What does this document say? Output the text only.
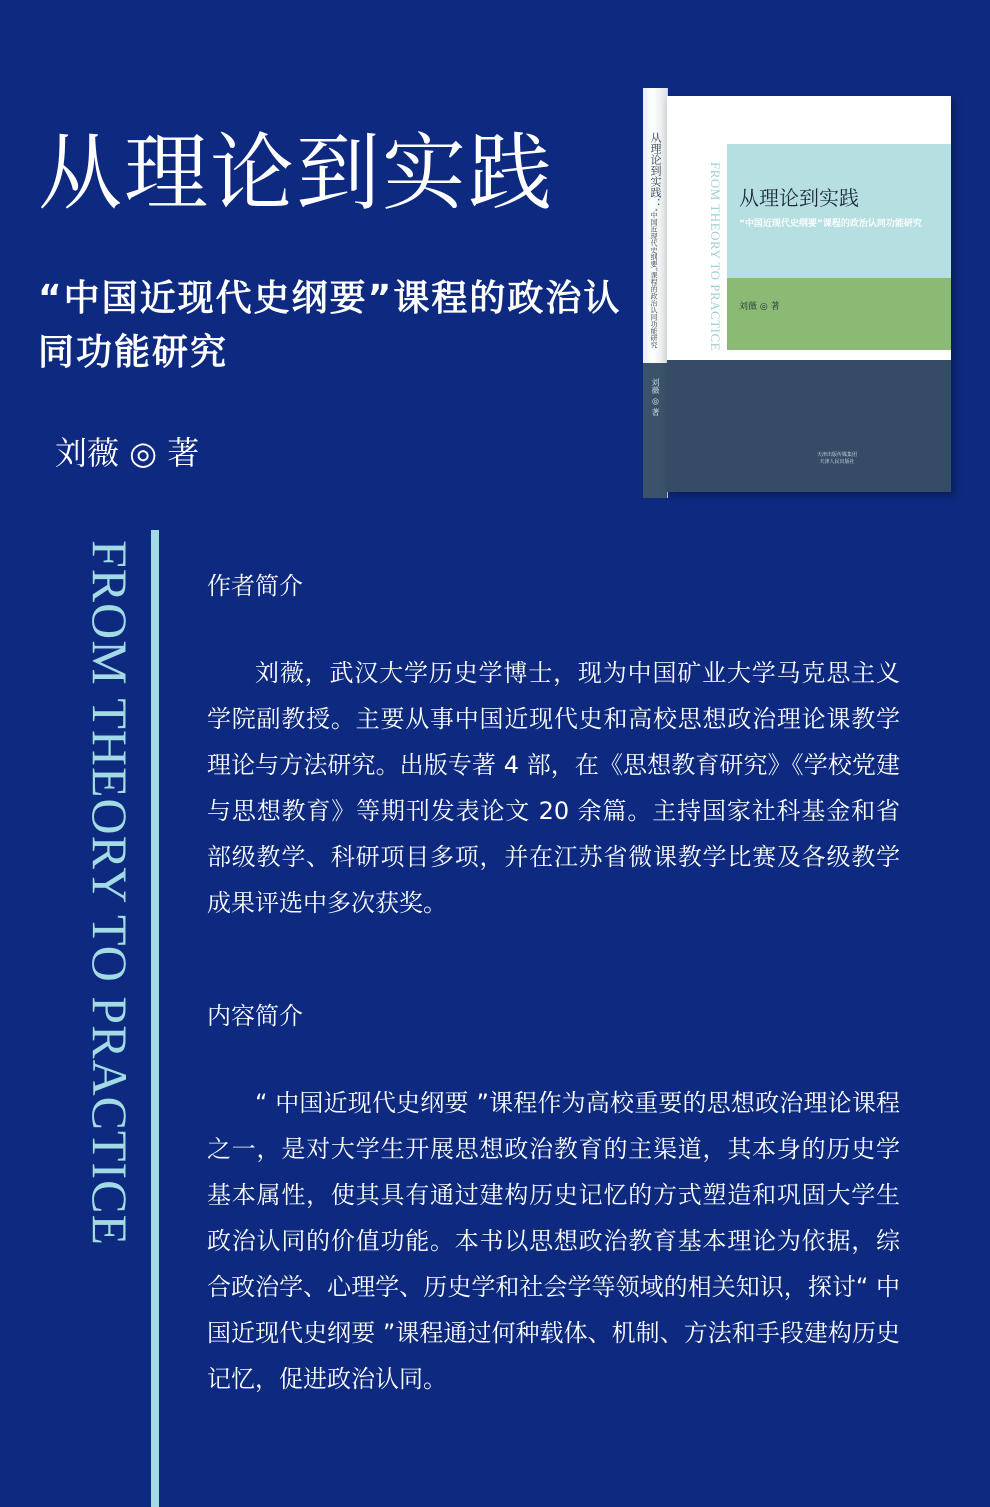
从理论到实践

“中国近现代史纲要”课程的政治认同功能研究

刘薇 ◎ 著
从理论到实践：
“中国近现代史纲要”课程的政治认同功能研究
刘薇 ◎ 著
FROM THEORY TO PRACTICE 从理论到实践
“中国近现代史纲要”课程的政治认同功能研究
刘薇 ◎ 著
天津出版传媒集团
天津人民出版社
FROM THEORY TO PRACTICE	作者简介

刘薇，武汉大学历史学博士，现为中国矿业大学马克思主义学院副教授。主要从事中国近现代史和高校思想政治理论课教学理论与方法研究。出版专著 4 部，在《思想教育研究》《学校党建与思想教育》等期刊发表论文 20 余篇。主持国家社科基金和省部级教学、科研项目多项，并在江苏省微课教学比赛及各级教学成果评选中多次获奖。

内容简介

“ 中国近现代史纲要 ”课程作为高校重要的思想政治理论课程之一，是对大学生开展思想政治教育的主渠道，其本身的历史学基本属性，使其具有通过建构历史记忆的方式塑造和巩固大学生政治认同的价值功能。本书以思想政治教育基本理论为依据，综合政治学、心理学、历史学和社会学等领域的相关知识，探讨“ 中国近现代史纲要 ”课程通过何种载体、机制、方法和手段建构历史记忆，促进政治认同。
